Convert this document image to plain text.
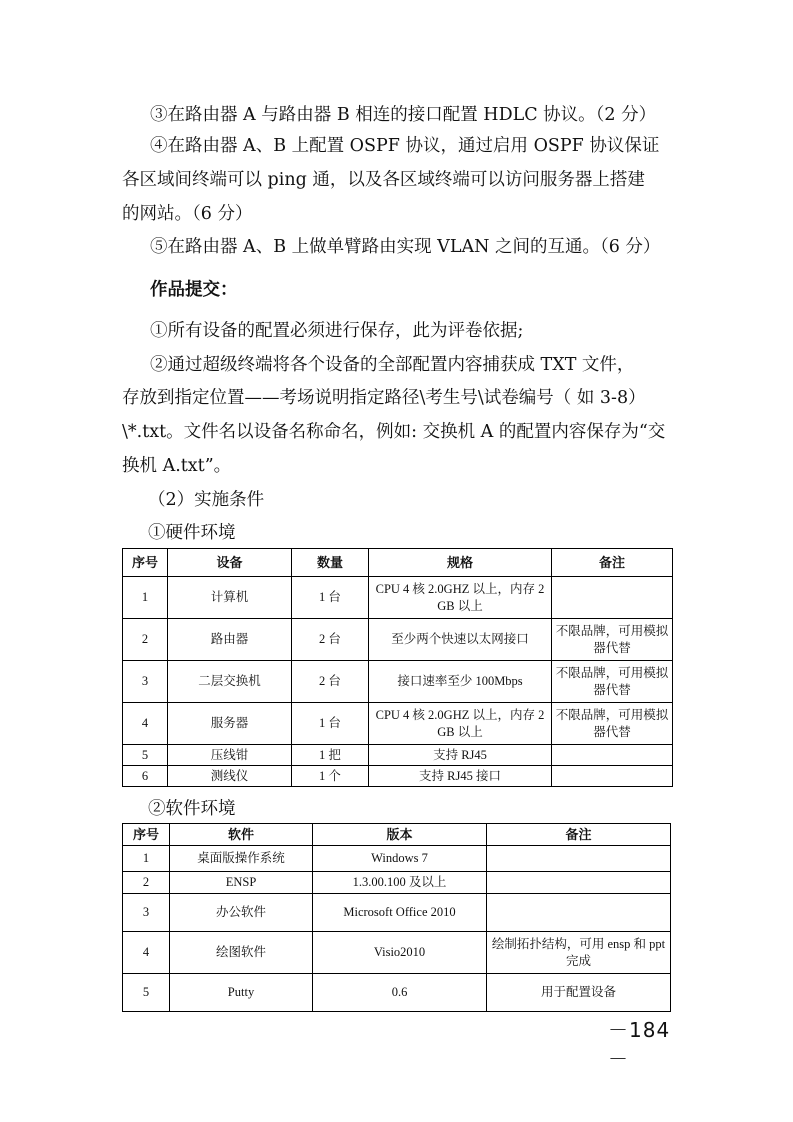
③在路由器 A 与路由器 B 相连的接口配置 HDLC 协议。（2 分）
④在路由器 A、B 上配置 OSPF 协议，通过启用 OSPF 协议保证
各区域间终端可以 ping 通，以及各区域终端可以访问服务器上搭建
的网站。（6 分）
⑤在路由器 A、B 上做单臂路由实现 VLAN 之间的互通。（6 分）
作品提交：
①所有设备的配置必须进行保存，此为评卷依据;
②通过超级终端将各个设备的全部配置内容捕获成 TXT 文件，
存放到指定位置——考场说明指定路径\考生号\试卷编号（ 如 3-8）
\*.txt。文件名以设备名称命名，例如: 交换机 A 的配置内容保存为“交
换机 A.txt”。
（2）实施条件
①硬件环境
序号	设备	数量	规格	备注
1	计算机	1 台	CPU 4 核 2.0GHZ 以上，内存 2GB 以上	
2	路由器	2 台	至少两个快速以太网接口	不限品牌，可用模拟器代替
3	二层交换机	2 台	接口速率至少 100Mbps	不限品牌，可用模拟器代替
4	服务器	1 台	CPU 4 核 2.0GHZ 以上，内存 2GB 以上	不限品牌，可用模拟器代替
5	压线钳	1 把	支持 RJ45	
6	测线仪	1 个	支持 RJ45 接口	
②软件环境
序号	软件	版本	备注
1	桌面版操作系统	Windows 7	
2	ENSP	1.3.00.100 及以上	
3	办公软件	Microsoft Office 2010	
4	绘图软件	Visio2010	绘制拓扑结构，可用 ensp 和 ppt 完成
5	Putty	0.6	用于配置设备
－184－
